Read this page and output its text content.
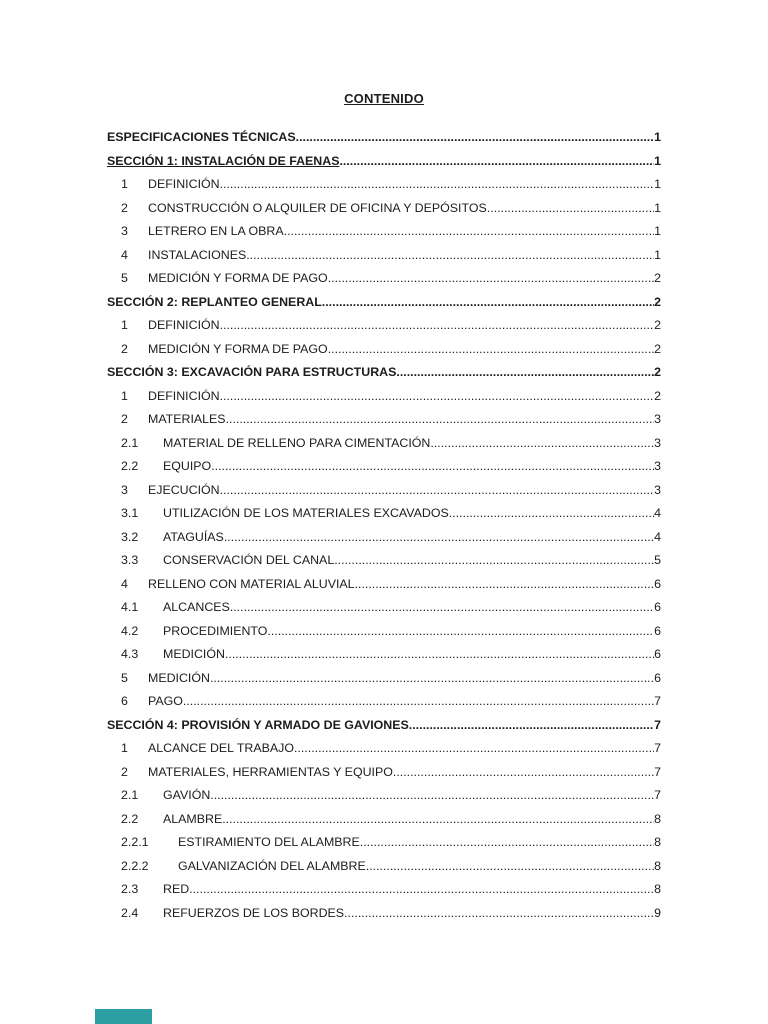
CONTENIDO
ESPECIFICACIONES TÉCNICAS .....	1
SECCIÓN 1: INSTALACIÓN DE FAENAS .....	1
1	DEFINICIÓN .....	1
2	CONSTRUCCIÓN O ALQUILER DE OFICINA Y DEPÓSITOS .....	1
3	LETRERO EN LA OBRA .....	1
4	INSTALACIONES .....	1
5	MEDICIÓN Y FORMA DE PAGO .....	2
SECCIÓN 2: REPLANTEO GENERAL .....	2
1	DEFINICIÓN .....	2
2	MEDICIÓN Y FORMA DE PAGO .....	2
SECCIÓN 3: EXCAVACIÓN PARA ESTRUCTURAS .....	2
1	DEFINICIÓN .....	2
2	MATERIALES .....	3
2.1	MATERIAL DE RELLENO PARA CIMENTACIÓN .....	3
2.2	EQUIPO .....	3
3	EJECUCIÓN .....	3
3.1	UTILIZACIÓN DE LOS MATERIALES EXCAVADOS .....	4
3.2	ATAGUÍAS .....	4
3.3	CONSERVACIÓN DEL CANAL .....	5
4	RELLENO CON MATERIAL ALUVIAL .....	6
4.1	ALCANCES .....	6
4.2	PROCEDIMIENTO .....	6
4.3	MEDICIÓN .....	6
5	MEDICIÓN .....	6
6	PAGO .....	7
SECCIÓN 4: PROVISIÓN Y ARMADO DE GAVIONES .....	7
1	ALCANCE DEL TRABAJO .....	7
2	MATERIALES, HERRAMIENTAS Y EQUIPO .....	7
2.1	GAVIÓN .....	7
2.2	ALAMBRE .....	8
2.2.1	ESTIRAMIENTO DEL ALAMBRE .....	8
2.2.2	GALVANIZACIÓN DEL ALAMBRE .....	8
2.3	RED .....	8
2.4	REFUERZOS DE LOS BORDES .....	9
